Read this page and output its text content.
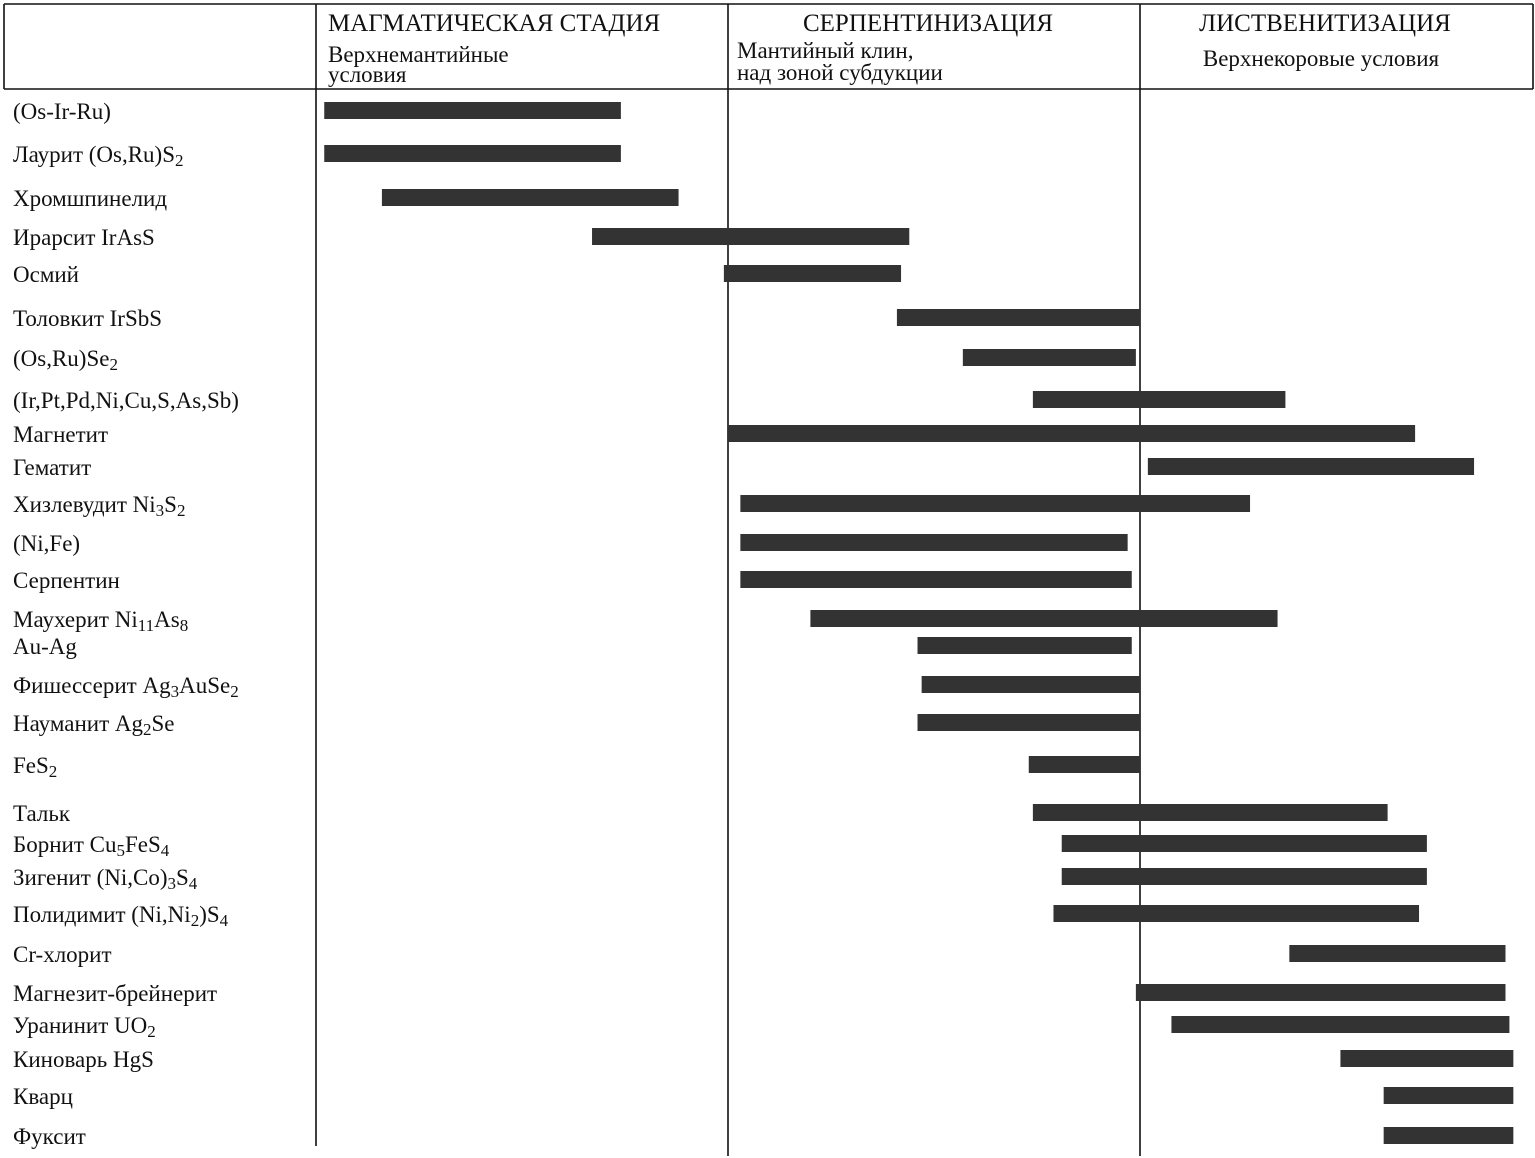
МАГМАТИЧЕСКАЯ СТАДИЯ
Верхнемантийные
условия
СЕРПЕНТИНИЗАЦИЯ
Мантийный клин,
над зоной субдукции
ЛИСТВЕНИТИЗАЦИЯ
Верхнекоровые условия
(Os-Ir-Ru)
Лаурит (Os,Ru)S2
Хромшпинелид
Ирарсит IrAsS
Осмий
Толовкит IrSbS
(Os,Ru)Se2
(Ir,Pt,Pd,Ni,Cu,S,As,Sb)
Магнетит
Гематит
Хизлевудит Ni3S2
(Ni,Fe)
Серпентин
Маухерит Ni11As8
Au-Ag
Фишессерит Ag3AuSe2
Науманит Ag2Se
FeS2
Тальк
Борнит Cu5FeS4
Зигенит (Ni,Co)3S4
Полидимит (Ni,Ni2)S4
Cr-хлорит
Магнезит-брейнерит
Уранинит UO2
Киноварь HgS
Кварц
Фуксит
